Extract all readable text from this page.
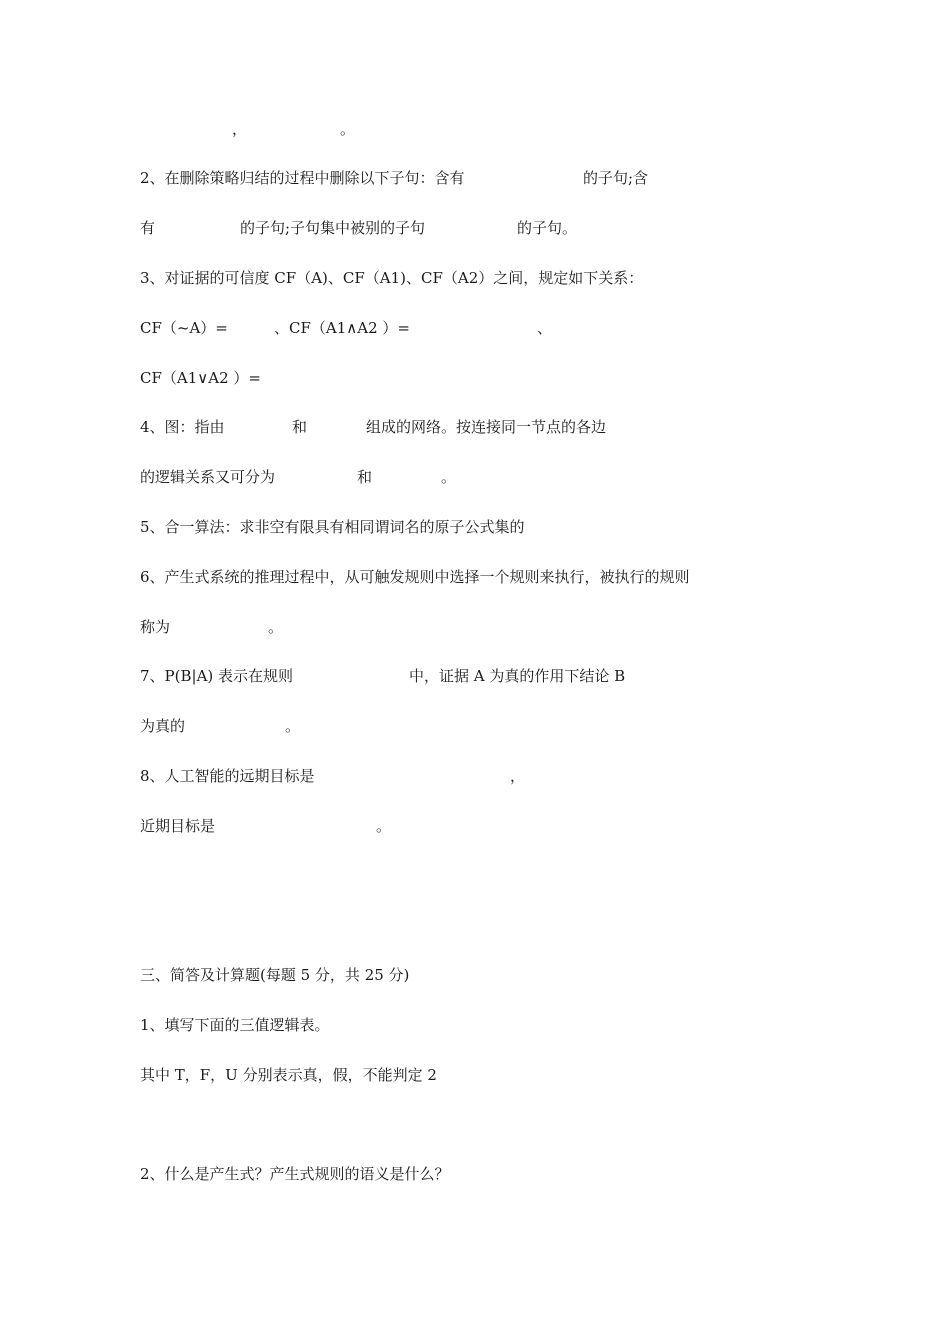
，	。
2、在删除策略归结的过程中删除以下子句：含有	的子句;含
有	的子句;子句集中被别的子句	的子句。
3、对证据的可信度 CF（A)、CF（A1)、CF（A2）之间，规定如下关系：
CF（~A）=	、CF（A1∧A2 ）=	、
CF（A1∨A2 ）=
4、图：指由	和	组成的网络。按连接同一节点的各边
的逻辑关系又可分为	和	。
5、合一算法：求非空有限具有相同谓词名的原子公式集的
6、产生式系统的推理过程中，从可触发规则中选择一个规则来执行，被执行的规则
称为	。
7、P(B|A) 表示在规则	中，证据 A 为真的作用下结论 B
为真的	。
8、人工智能的远期目标是	，
近期目标是	。
三、简答及计算题(每题 5 分，共 25 分)
1、填写下面的三值逻辑表。
其中 T，F，U 分别表示真，假，不能判定 2
2、什么是产生式？产生式规则的语义是什么？
